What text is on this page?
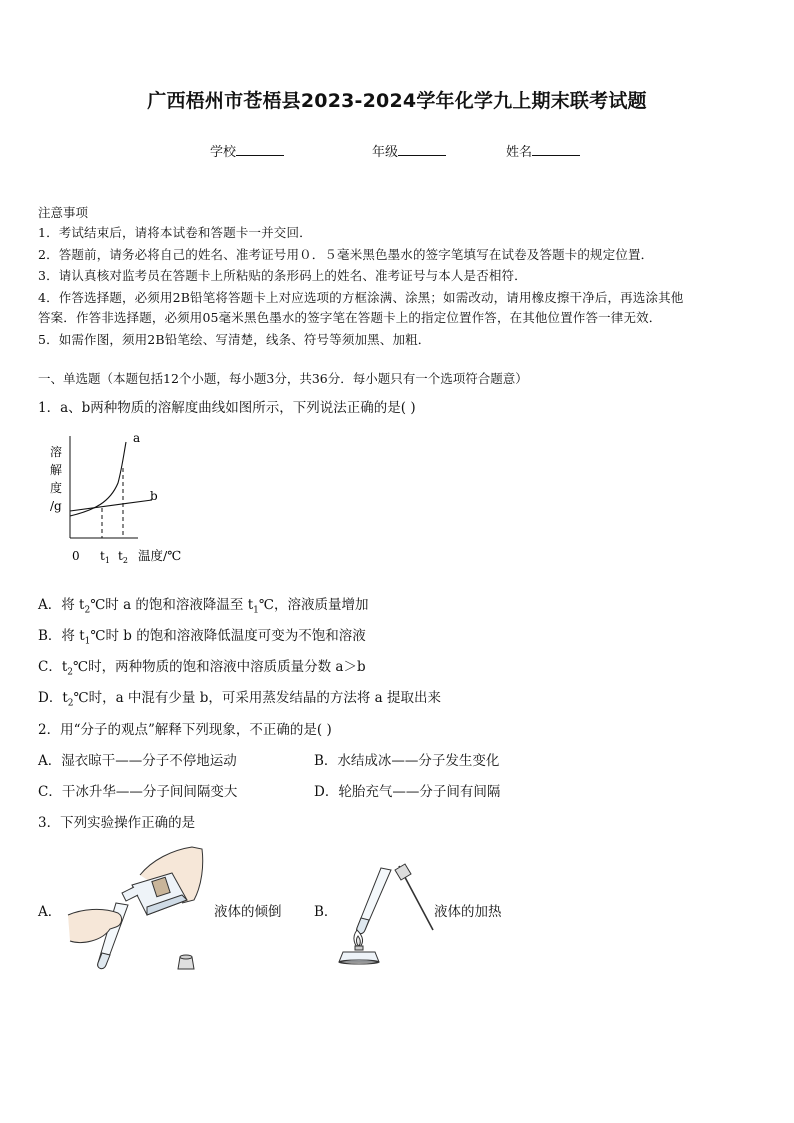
广西梧州市苍梧县2023-2024学年化学九上期末联考试题
学校	年级	姓名
注意事项
1．考试结束后，请将本试卷和答题卡一并交回．
2．答题前，请务必将自己的姓名、准考证号用０．５毫米黑色墨水的签字笔填写在试卷及答题卡的规定位置．
3．请认真核对监考员在答题卡上所粘贴的条形码上的姓名、准考证号与本人是否相符．
4．作答选择题，必须用2B铅笔将答题卡上对应选项的方框涂满、涂黑；如需改动，请用橡皮擦干净后，再选涂其他
答案．作答非选择题，必须用05毫米黑色墨水的签字笔在答题卡上的指定位置作答，在其他位置作答一律无效．
5．如需作图，须用2B铅笔绘、写清楚，线条、符号等须加黑、加粗．
一、单选题（本题包括12个小题，每小题3分，共36分．每小题只有一个选项符合题意）
1．a、b两种物质的溶解度曲线如图所示，下列说法正确的是( )
溶
解
度
/g
a
b
0 $t_1$ $t_2$ 温度/℃
A．将 $t_2℃$时 a 的饱和溶液降温至 $t_1℃$，溶液质量增加
B．将 $t_1℃$时 b 的饱和溶液降低温度可变为不饱和溶液
C．$t_2℃$时，两种物质的饱和溶液中溶质质量分数 a＞b
D．$t_2℃$时，a 中混有少量 b，可采用蒸发结晶的方法将 a 提取出来
2．用“分子的观点”解释下列现象，不正确的是( )
A．湿衣晾干——分子不停地运动	B．水结成冰——分子发生变化
C．干冰升华——分子间间隔变大	D．轮胎充气——分子间有间隔
3．下列实验操作正确的是
A．	液体的倾倒 B．	液体的加热
